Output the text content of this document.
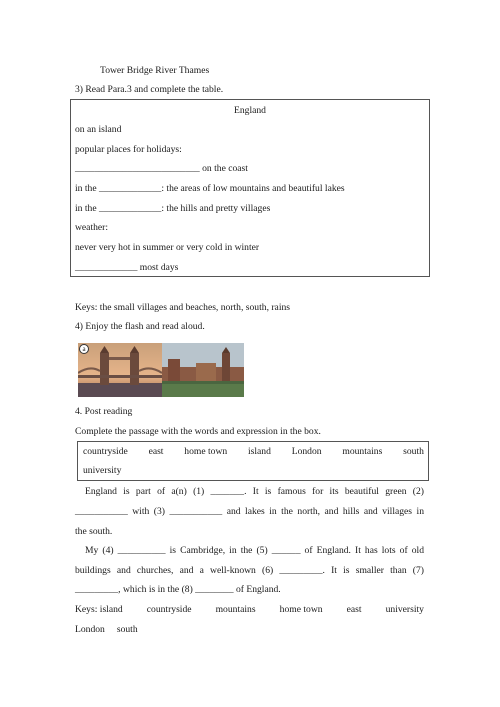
Tower Bridge River Thames
3) Read Para.3 and complete the table.
England
on an island
popular places for holidays:
__________________________ on the coast
in the _____________: the areas of low mountains and beautiful lakes
in the _____________: the hills and pretty villages
weather:
never very hot in summer or very cold in winter
_____________ most days
Keys: the small villages and beaches, north, south, rains
4) Enjoy the flash and read aloud.
a
4. Post reading
Complete the passage with the words and expression in the box.
countryside east home town island London mountains south
university
England is part of a(n) (1) _______. It is famous for its beautiful green (2)
___________ with (3) ___________ and lakes in the north, and hills and villages in
the south.
My (4) __________ is Cambridge, in the (5) ______ of England. It has lots of old
buildings and churches, and a well-known (6) _________. It is smaller than (7)
_________, which is in the (8) ________ of England.
Keys: island	countryside	mountains	home town	east	university
London     south
